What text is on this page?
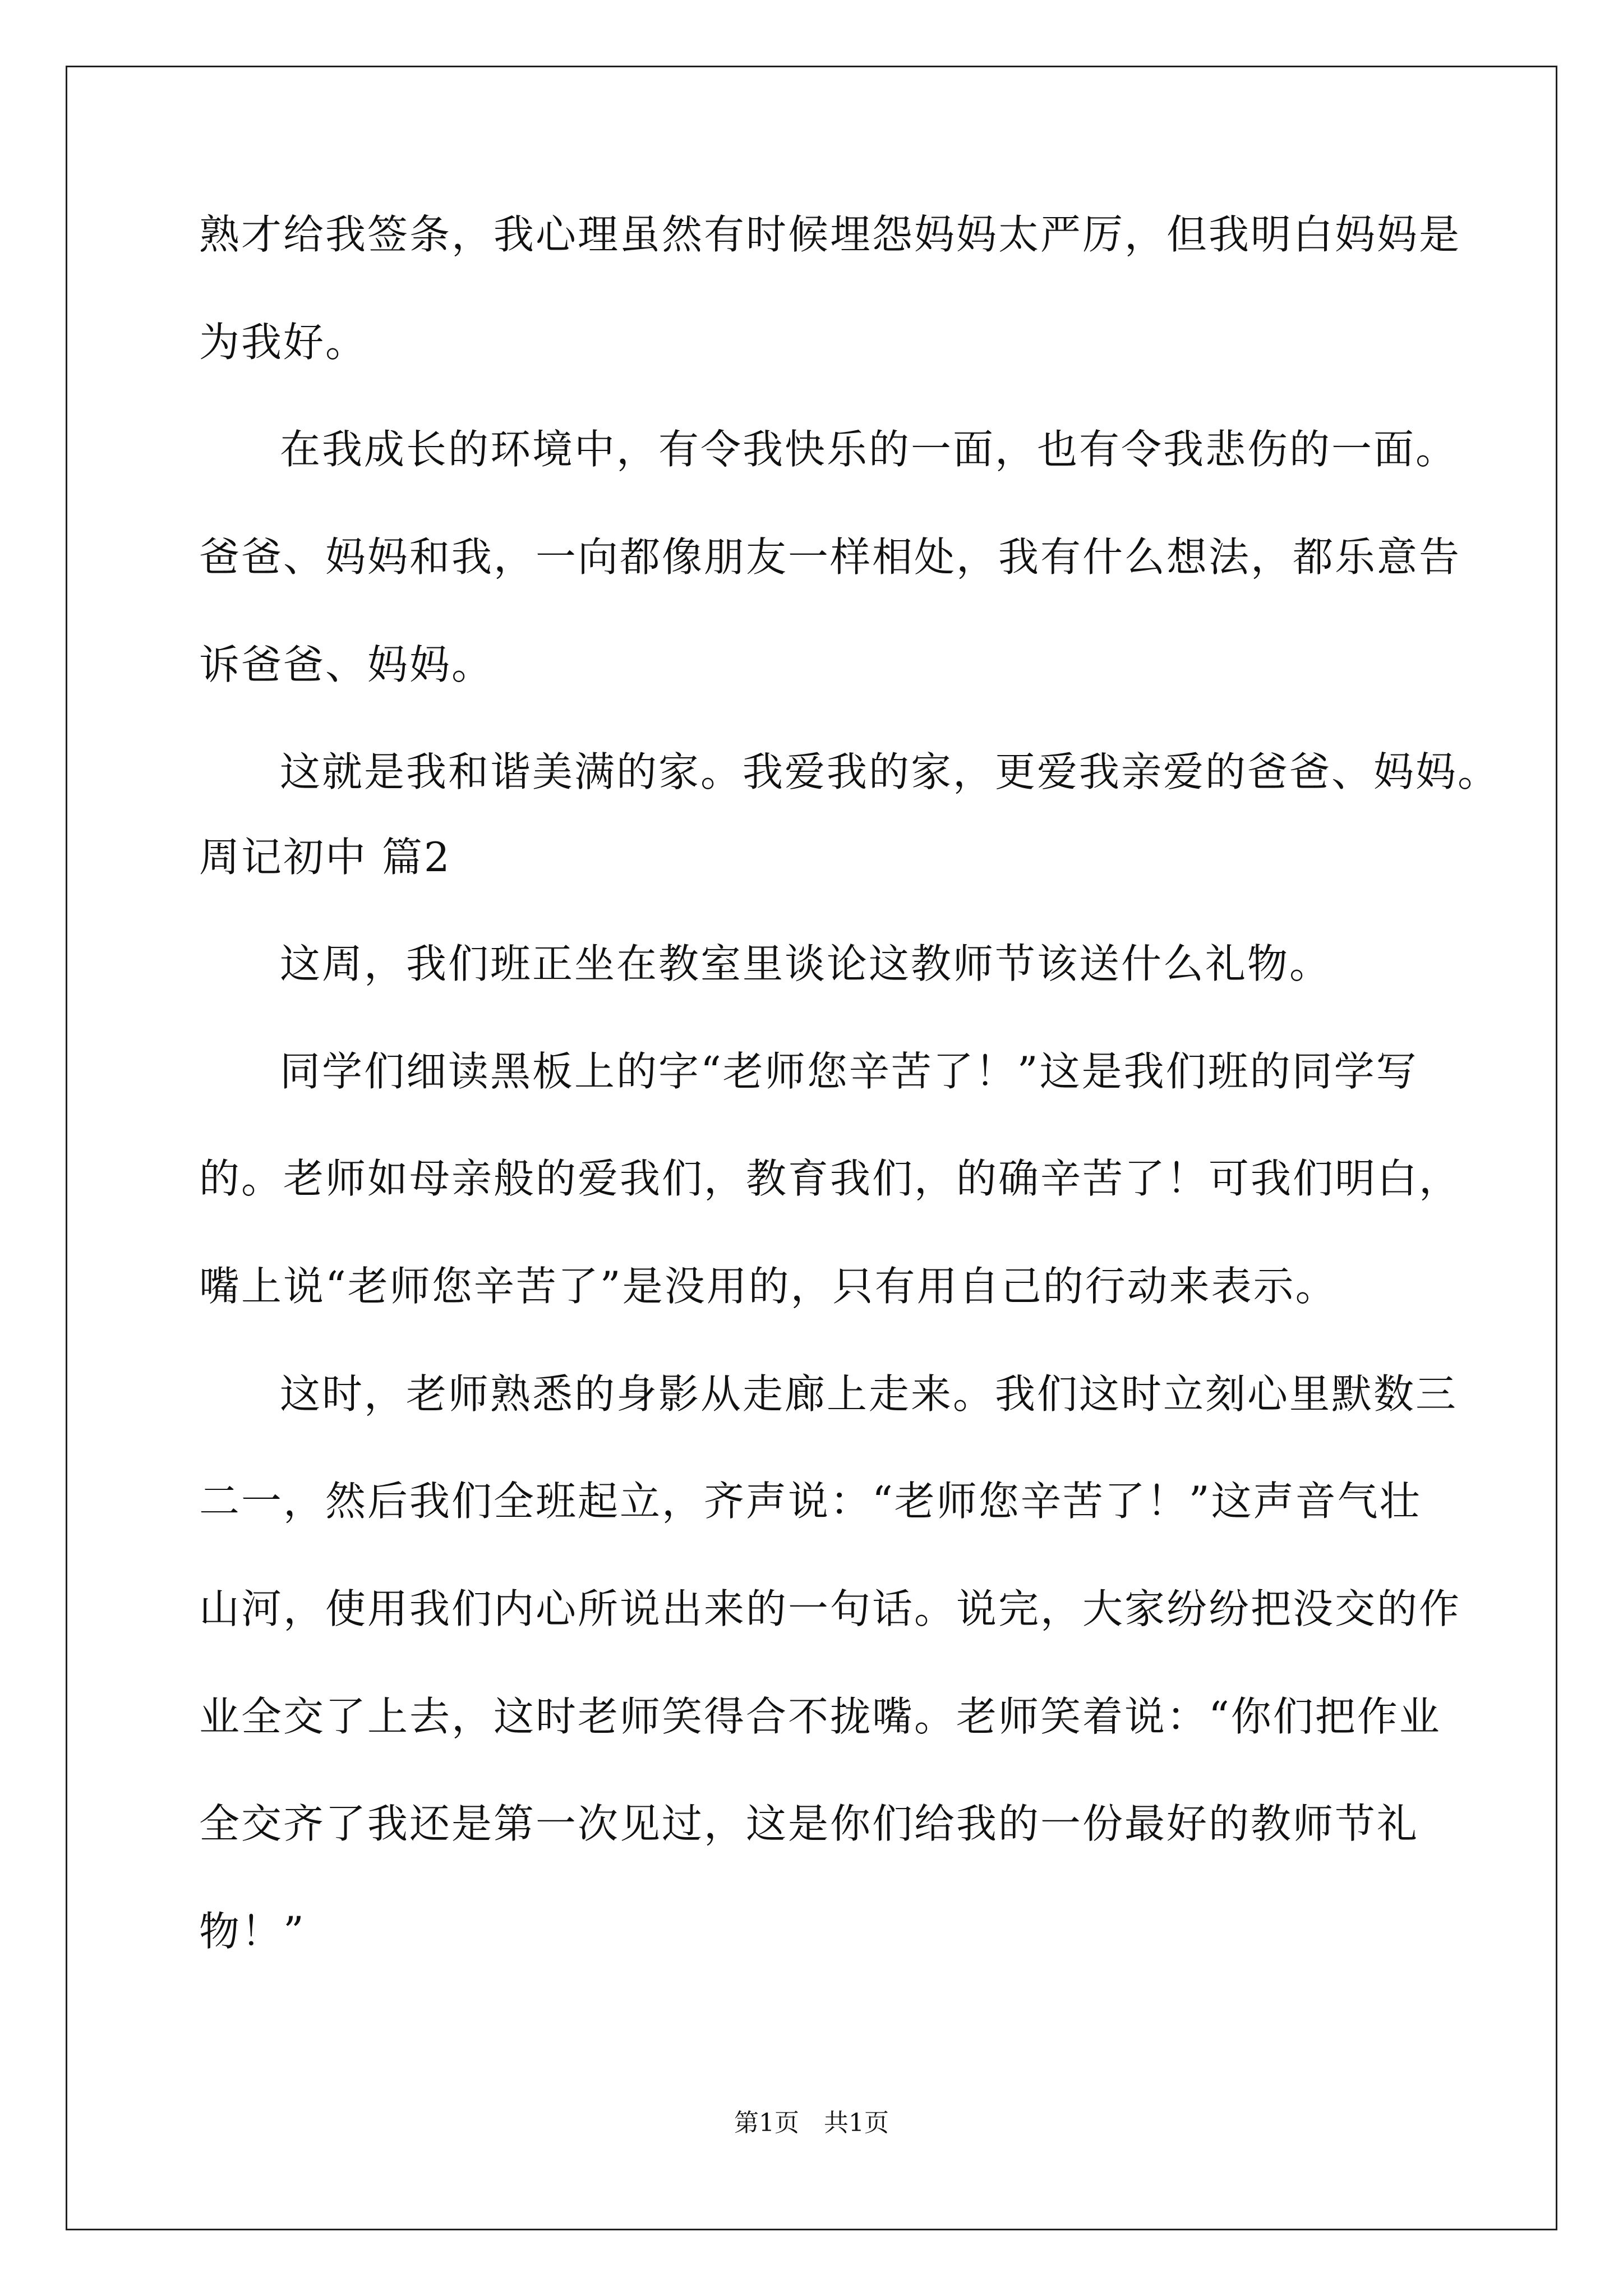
熟才给我签条，我心理虽然有时候埋怨妈妈太严厉，但我明白妈妈是
为我好。
在我成长的环境中，有令我快乐的一面，也有令我悲伤的一面。
爸爸、妈妈和我，一向都像朋友一样相处，我有什么想法，都乐意告
诉爸爸、妈妈。
这就是我和谐美满的家。我爱我的家，更爱我亲爱的爸爸、妈妈。
周记初中 篇2
这周，我们班正坐在教室里谈论这教师节该送什么礼物。
同学们细读黑板上的字“老师您辛苦了！”这是我们班的同学写
的。老师如母亲般的爱我们，教育我们，的确辛苦了！可我们明白，
嘴上说“老师您辛苦了”是没用的，只有用自己的行动来表示。
这时，老师熟悉的身影从走廊上走来。我们这时立刻心里默数三
二一，然后我们全班起立，齐声说：“老师您辛苦了！”这声音气壮
山河，使用我们内心所说出来的一句话。说完，大家纷纷把没交的作
业全交了上去，这时老师笑得合不拢嘴。老师笑着说：“你们把作业
全交齐了我还是第一次见过，这是你们给我的一份最好的教师节礼
物！”
第1页 共1页
